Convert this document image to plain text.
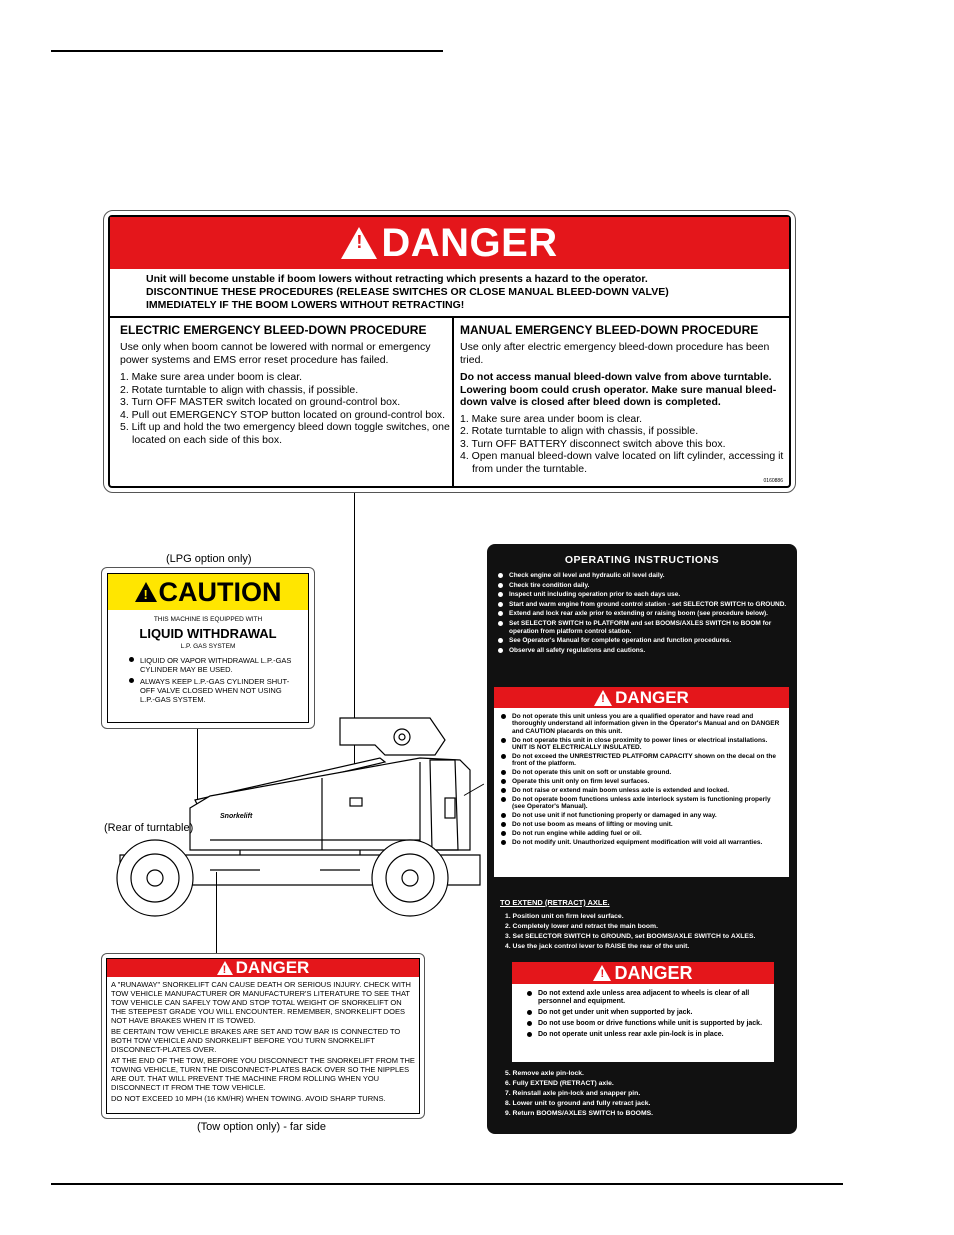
!
DANGER
Unit will become unstable if boom lowers without retracting which presents a hazard to the operator.
DISCONTINUE THESE PROCEDURES (RELEASE SWITCHES OR CLOSE MANUAL BLEED-DOWN VALVE)
IMMEDIATELY IF THE BOOM LOWERS WITHOUT RETRACTING!
ELECTRIC EMERGENCY BLEED-DOWN PROCEDURE
Use only when boom cannot be lowered with normal or emergency power systems and EMS error reset procedure has failed.
1. Make sure area under boom is clear.
2. Rotate turntable to align with chassis, if possible.
3. Turn OFF MASTER switch located on ground-control box.
4. Pull out EMERGENCY STOP button located on ground-control box.
5. Lift up and hold the two emergency bleed down toggle switches, one located on each side of this box.
MANUAL EMERGENCY BLEED-DOWN PROCEDURE
Use only after electric emergency bleed-down procedure has been tried.
Do not access manual bleed-down valve from above turntable. Lowering boom could crush operator. Make sure manual bleed-down valve is closed after bleed down is completed.
1. Make sure area under boom is clear.
2. Rotate turntable to align with chassis, if possible.
3. Turn OFF BATTERY disconnect switch above this box.
4. Open manual bleed-down valve located on lift cylinder, accessing it from under the turntable.
0160886
(LPG option only)
!
CAUTION
THIS MACHINE IS EQUIPPED WITH
LIQUID WITHDRAWAL
L.P. GAS SYSTEM
LIQUID OR VAPOR WITHDRAWAL L.P.-GAS CYLINDER MAY BE USED.
ALWAYS KEEP L.P.-GAS CYLINDER SHUT-OFF VALVE CLOSED WHEN NOT USING L.P.-GAS SYSTEM.
Snorkelift
(Rear of turntable)
OPERATING INSTRUCTIONS
Check engine oil level and hydraulic oil level daily.
Check tire condition daily.
Inspect unit including operation prior to each days use.
Start and warm engine from ground control station - set SELECTOR SWITCH to GROUND.
Extend and lock rear axle prior to extending or raising boom (see procedure below).
Set SELECTOR SWITCH to PLATFORM and set BOOMS/AXLES SWITCH to BOOM for operation from platform control station.
See Operator's Manual for complete operation and function procedures.
Observe all safety regulations and cautions.
!
DANGER
Do not operate this unit unless you are a qualified operator and have read and thoroughly understand all information given in the Operator's Manual and on DANGER and CAUTION placards on this unit.
Do not operate this unit in close proximity to power lines or electrical installations. UNIT IS NOT ELECTRICALLY INSULATED.
Do not exceed the UNRESTRICTED PLATFORM CAPACITY shown on the decal on the front of the platform.
Do not operate this unit on soft or unstable ground.
Operate this unit only on firm level surfaces.
Do not raise or extend main boom unless axle is extended and locked.
Do not operate boom functions unless axle interlock system is functioning properly (see Operator's Manual).
Do not use unit if not functioning properly or damaged in any way.
Do not use boom as means of lifting or moving unit.
Do not run engine while adding fuel or oil.
Do not modify unit. Unauthorized equipment modification will void all warranties.
TO EXTEND (RETRACT) AXLE.
1. Position unit on firm level surface.
2. Completely lower and retract the main boom.
3. Set SELECTOR SWITCH to GROUND, set BOOMS/AXLE SWITCH to AXLES.
4. Use the jack control lever to RAISE the rear of the unit.
!
DANGER
Do not extend axle unless area adjacent to wheels is clear of all personnel and equipment.
Do not get under unit when supported by jack.
Do not use boom or drive functions while unit is supported by jack.
Do not operate unit unless rear axle pin-lock is in place.
5. Remove axle pin-lock.
6. Fully EXTEND (RETRACT) axle.
7. Reinstall axle pin-lock and snapper pin.
8. Lower unit to ground and fully retract jack.
9. Return BOOMS/AXLES SWITCH to BOOMS.
!
DANGER
A "RUNAWAY" SNORKELIFT CAN CAUSE DEATH OR SERIOUS INJURY. CHECK WITH TOW VEHICLE MANUFACTURER OR MANUFACTURER'S LITERATURE TO SEE THAT TOW VEHICLE CAN SAFELY TOW AND STOP TOTAL WEIGHT OF SNORKELIFT ON THE STEEPEST GRADE YOU WILL ENCOUNTER. REMEMBER, SNORKELIFT DOES NOT HAVE BRAKES WHEN IT IS TOWED.
BE CERTAIN TOW VEHICLE BRAKES ARE SET AND TOW BAR IS CONNECTED TO BOTH TOW VEHICLE AND SNORKELIFT BEFORE YOU TURN SNORKELIFT DISCONNECT-PLATES OVER.
AT THE END OF THE TOW, BEFORE YOU DISCONNECT THE SNORKELIFT FROM THE TOWING VEHICLE, TURN THE DISCONNECT-PLATES BACK OVER SO THE NIPPLES ARE OUT. THAT WILL PREVENT THE MACHINE FROM ROLLING WHEN YOU DISCONNECT IT FROM THE TOW VEHICLE.
DO NOT EXCEED 10 MPH (16 KM/HR) WHEN TOWING. AVOID SHARP TURNS.
(Tow option only) - far side
